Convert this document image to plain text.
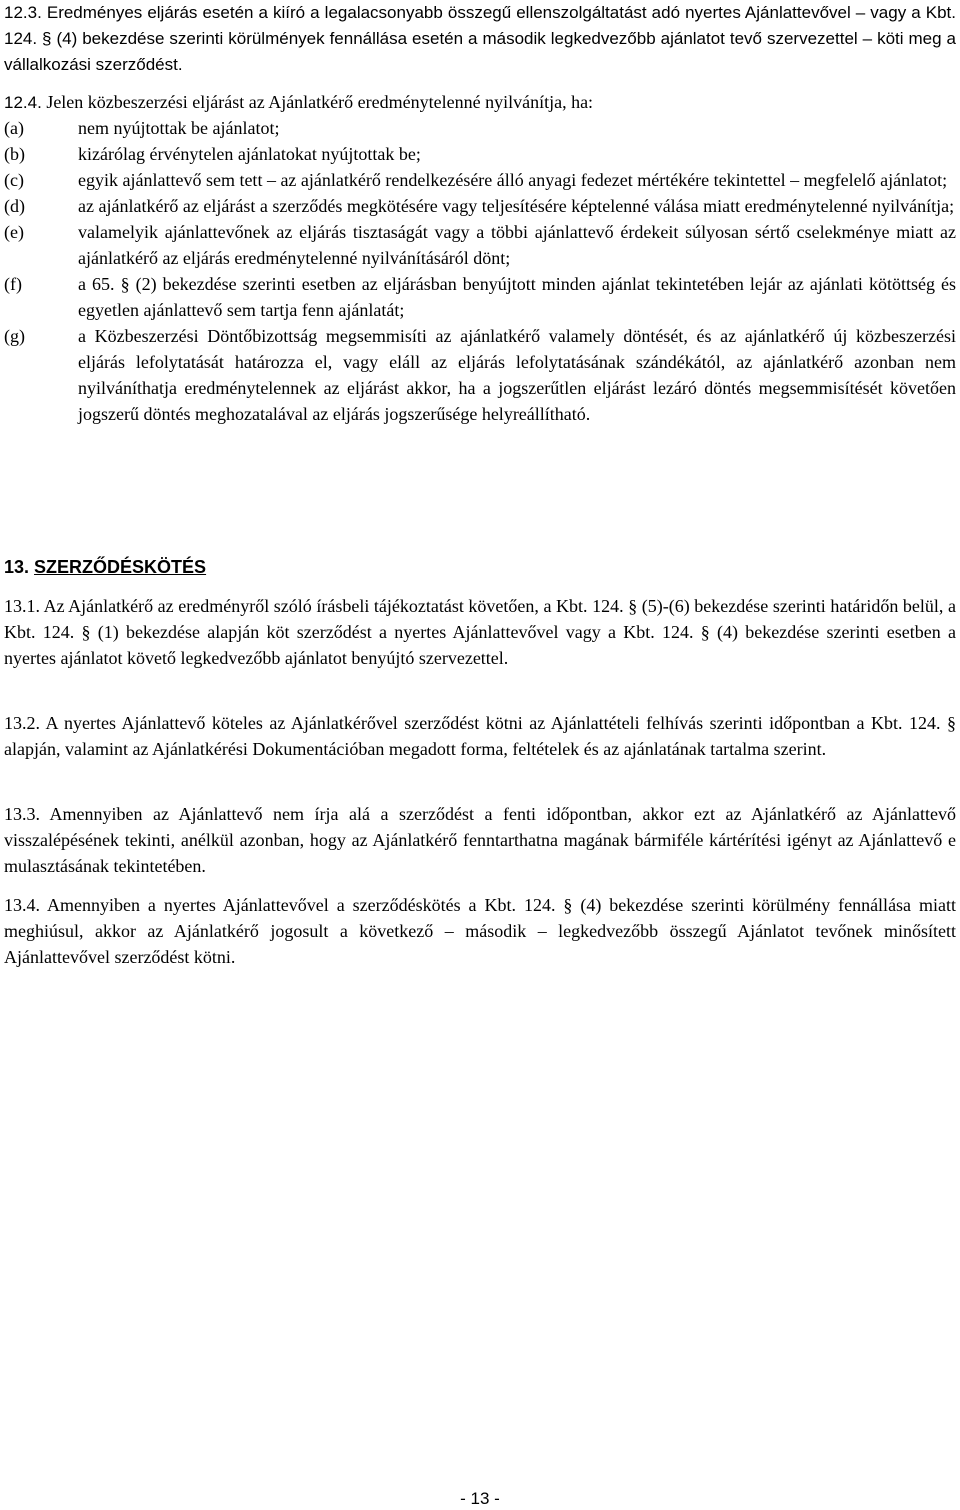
12.3. Eredményes eljárás esetén a kiíró a legalacsonyabb összegű ellenszolgáltatást adó nyertes Ajánlattevővel – vagy a Kbt. 124. § (4) bekezdése szerinti körülmények fennállása esetén a második legkedvezőbb ajánlatot tevő szervezettel – köti meg a vállalkozási szerződést.

12.4. Jelen közbeszerzési eljárást az Ajánlatkérő eredménytelenné nyilvánítja, ha:

(a)	nem nyújtottak be ajánlatot;
(b)	kizárólag érvénytelen ajánlatokat nyújtottak be;
(c)	egyik ajánlattevő sem tett – az ajánlatkérő rendelkezésére álló anyagi fedezet mértékére tekintettel – megfelelő ajánlatot;
(d)	az ajánlatkérő az eljárást a szerződés megkötésére vagy teljesítésére képtelenné válása miatt eredménytelenné nyilvánítja;
(e)	valamelyik ajánlattevőnek az eljárás tisztaságát vagy a többi ajánlattevő érdekeit súlyosan sértő cselekménye miatt az ajánlatkérő az eljárás eredménytelenné nyilvánításáról dönt;
(f)	a 65. § (2) bekezdése szerinti esetben az eljárásban benyújtott minden ajánlat tekintetében lejár az ajánlati kötöttség és egyetlen ajánlattevő sem tartja fenn ajánlatát;
(g)	a Közbeszerzési Döntőbizottság megsemmisíti az ajánlatkérő valamely döntését, és az ajánlatkérő új közbeszerzési eljárás lefolytatását határozza el, vagy eláll az eljárás lefolytatásának szándékától, az ajánlatkérő azonban nem nyilváníthatja eredménytelennek az eljárást akkor, ha a jogszerűtlen eljárást lezáró döntés megsemmisítését követően jogszerű döntés meghozatalával az eljárás jogszerűsége helyreállítható.
13. SZERZŐDÉSKÖTÉS

13.1. Az Ajánlatkérő az eredményről szóló írásbeli tájékoztatást követően, a Kbt. 124. § (5)-(6) bekezdése szerinti határidőn belül, a Kbt. 124. § (1) bekezdése alapján köt szerződést a nyertes Ajánlattevővel vagy a Kbt. 124. § (4) bekezdése szerinti esetben a nyertes ajánlatot követő legkedvezőbb ajánlatot benyújtó szervezettel.

13.2. A nyertes Ajánlattevő köteles az Ajánlatkérővel szerződést kötni az Ajánlattételi felhívás szerinti időpontban a Kbt. 124. § alapján, valamint az Ajánlatkérési Dokumentációban megadott forma, feltételek és az ajánlatának tartalma szerint.

13.3. Amennyiben az Ajánlattevő nem írja alá a szerződést a fenti időpontban, akkor ezt az Ajánlatkérő az Ajánlattevő visszalépésének tekinti, anélkül azonban, hogy az Ajánlatkérő fenntarthatna magának bármiféle kártérítési igényt az Ajánlattevő e mulasztásának tekintetében.

13.4. Amennyiben a nyertes Ajánlattevővel a szerződéskötés a Kbt. 124. § (4) bekezdése szerinti körülmény fennállása miatt meghiúsul, akkor az Ajánlatkérő jogosult a következő – második – legkedvezőbb összegű Ajánlatot tevőnek minősített Ajánlattevővel szerződést kötni.

- 13 -
